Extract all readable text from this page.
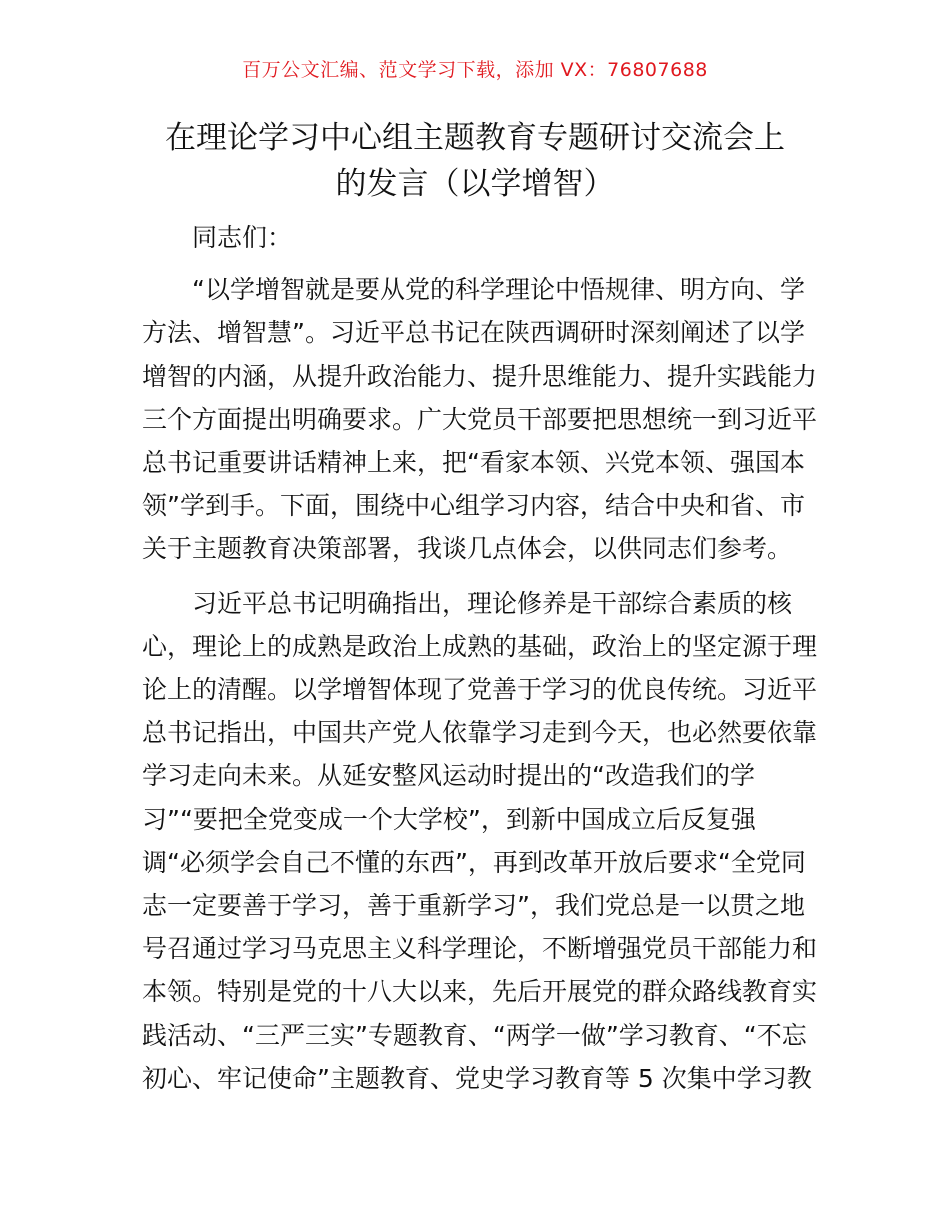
百万公文汇编、范文学习下载，添加 VX：76807688
在理论学习中心组主题教育专题研讨交流会上
的发言（以学增智）
同志们：
“以学增智就是要从党的科学理论中悟规律、明方向、学
方法、增智慧”。习近平总书记在陕西调研时深刻阐述了以学
增智的内涵，从提升政治能力、提升思维能力、提升实践能力
三个方面提出明确要求。广大党员干部要把思想统一到习近平
总书记重要讲话精神上来，把“看家本领、兴党本领、强国本
领”学到手。下面，围绕中心组学习内容，结合中央和省、市
关于主题教育决策部署，我谈几点体会，以供同志们参考。
习近平总书记明确指出，理论修养是干部综合素质的核
心，理论上的成熟是政治上成熟的基础，政治上的坚定源于理
论上的清醒。以学增智体现了党善于学习的优良传统。习近平
总书记指出，中国共产党人依靠学习走到今天，也必然要依靠
学习走向未来。从延安整风运动时提出的“改造我们的学
习”“要把全党变成一个大学校”，到新中国成立后反复强
调“必须学会自己不懂的东西”，再到改革开放后要求“全党同
志一定要善于学习，善于重新学习”，我们党总是一以贯之地
号召通过学习马克思主义科学理论，不断增强党员干部能力和
本领。特别是党的十八大以来，先后开展党的群众路线教育实
践活动、“三严三实”专题教育、“两学一做”学习教育、“不忘
初心、牢记使命”主题教育、党史学习教育等 5 次集中学习教
